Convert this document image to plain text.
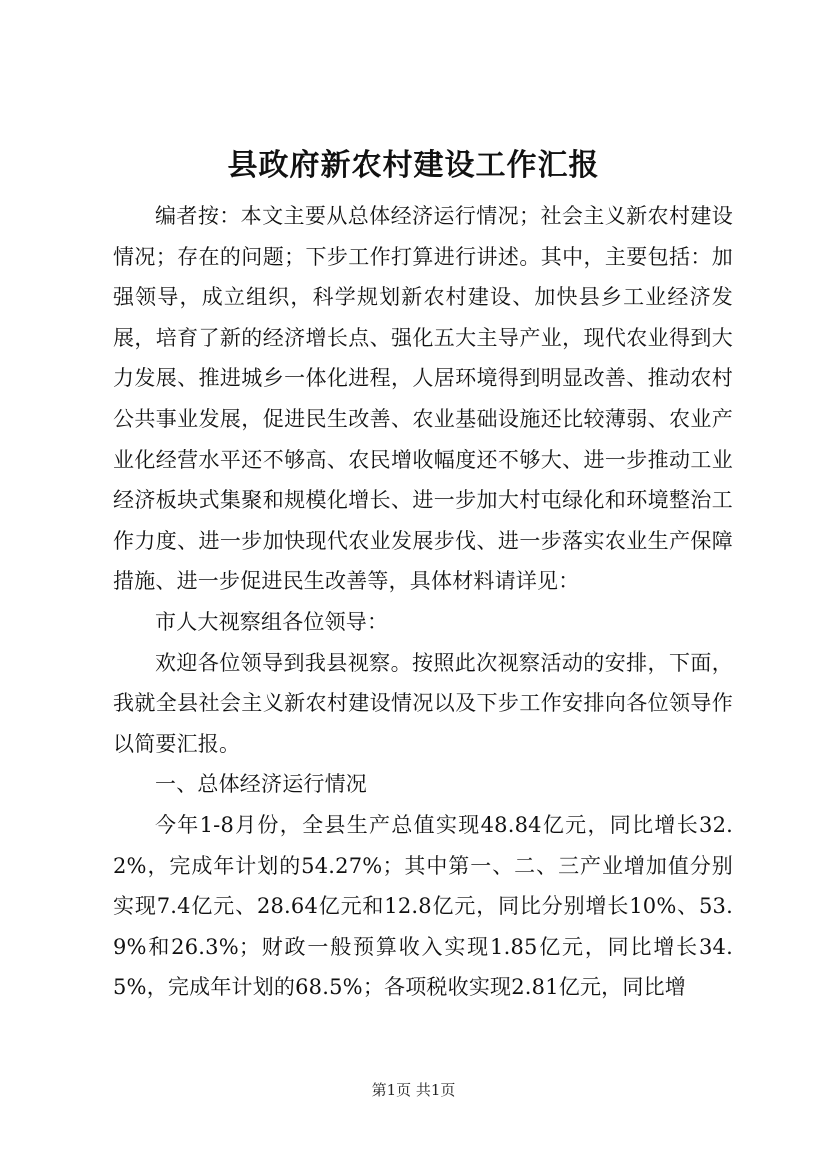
县政府新农村建设工作汇报

编者按：本文主要从总体经济运行情况；社会主义新农村建设情况；存在的问题；下步工作打算进行讲述。其中，主要包括：加强领导，成立组织，科学规划新农村建设、加快县乡工业经济发展，培育了新的经济增长点、强化五大主导产业，现代农业得到大力发展、推进城乡一体化进程，人居环境得到明显改善、推动农村公共事业发展，促进民生改善、农业基础设施还比较薄弱、农业产业化经营水平还不够高、农民增收幅度还不够大、进一步推动工业经济板块式集聚和规模化增长、进一步加大村屯绿化和环境整治工作力度、进一步加快现代农业发展步伐、进一步落实农业生产保障措施、进一步促进民生改善等，具体材料请详见：

市人大视察组各位领导：

欢迎各位领导到我县视察。按照此次视察活动的安排，下面，我就全县社会主义新农村建设情况以及下步工作安排向各位领导作以简要汇报。

一、总体经济运行情况

今年1-8月份，全县生产总值实现48.84亿元，同比增长32.2%，完成年计划的54.27%；其中第一、二、三产业增加值分别实现7.4亿元、28.64亿元和12.8亿元，同比分别增长10%、53.9%和26.3%；财政一般预算收入实现1.85亿元，同比增长34.5%，完成年计划的68.5%；各项税收实现2.81亿元，同比增

第1页 共1页
